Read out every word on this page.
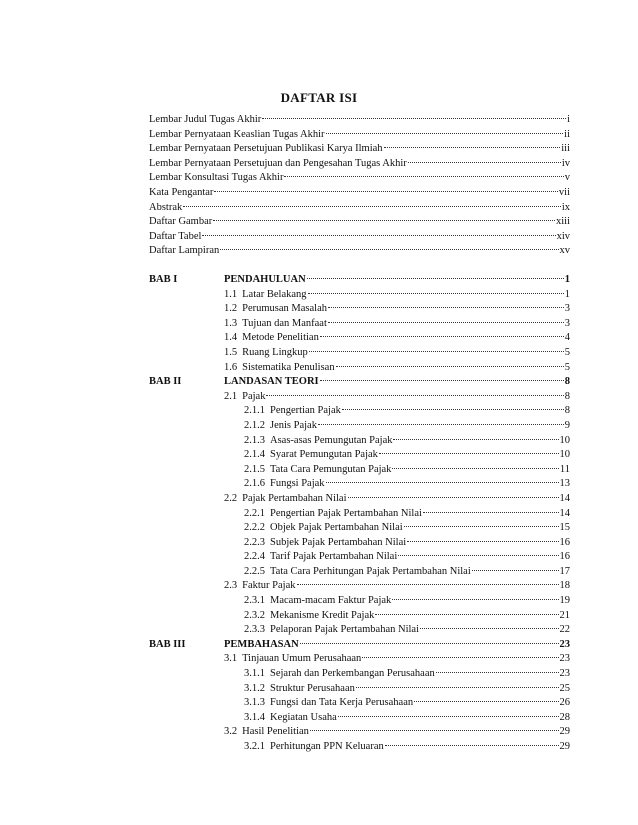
DAFTAR ISI
Lembar Judul Tugas Akhir	i
Lembar Pernyataan Keaslian Tugas Akhir	ii
Lembar Pernyataan Persetujuan Publikasi Karya Ilmiah	iii
Lembar Pernyataan Persetujuan dan Pengesahan Tugas Akhir	iv
Lembar Konsultasi Tugas Akhir	v
Kata Pengantar	vii
Abstrak	ix
Daftar Gambar	xiii
Daftar Tabel	xiv
Daftar Lampiran	xv
BAB I	PENDAHULUAN	1
1.1 Latar Belakang	1
1.2 Perumusan Masalah	3
1.3 Tujuan dan Manfaat	3
1.4 Metode Penelitian	4
1.5 Ruang Lingkup	5
1.6 Sistematika Penulisan	5
BAB II	LANDASAN TEORI	8
2.1 Pajak	8
2.1.1 Pengertian Pajak	8
2.1.2 Jenis Pajak	9
2.1.3 Asas-asas Pemungutan Pajak	10
2.1.4 Syarat Pemungutan Pajak	10
2.1.5 Tata Cara Pemungutan Pajak	11
2.1.6 Fungsi Pajak	13
2.2 Pajak Pertambahan Nilai	14
2.2.1 Pengertian Pajak Pertambahan Nilai	14
2.2.2 Objek Pajak Pertambahan Nilai	15
2.2.3 Subjek Pajak Pertambahan Nilai	16
2.2.4 Tarif Pajak Pertambahan Nilai	16
2.2.5 Tata Cara Perhitungan Pajak Pertambahan Nilai	17
2.3 Faktur Pajak	18
2.3.1 Macam-macam Faktur Pajak	19
2.3.2 Mekanisme Kredit Pajak	21
2.3.3 Pelaporan Pajak Pertambahan Nilai	22
BAB III	PEMBAHASAN	23
3.1 Tinjauan Umum Perusahaan	23
3.1.1 Sejarah dan Perkembangan Perusahaan	23
3.1.2 Struktur Perusahaan	25
3.1.3 Fungsi dan Tata Kerja Perusahaan	26
3.1.4 Kegiatan Usaha	28
3.2 Hasil Penelitian	29
3.2.1 Perhitungan PPN Keluaran	29
